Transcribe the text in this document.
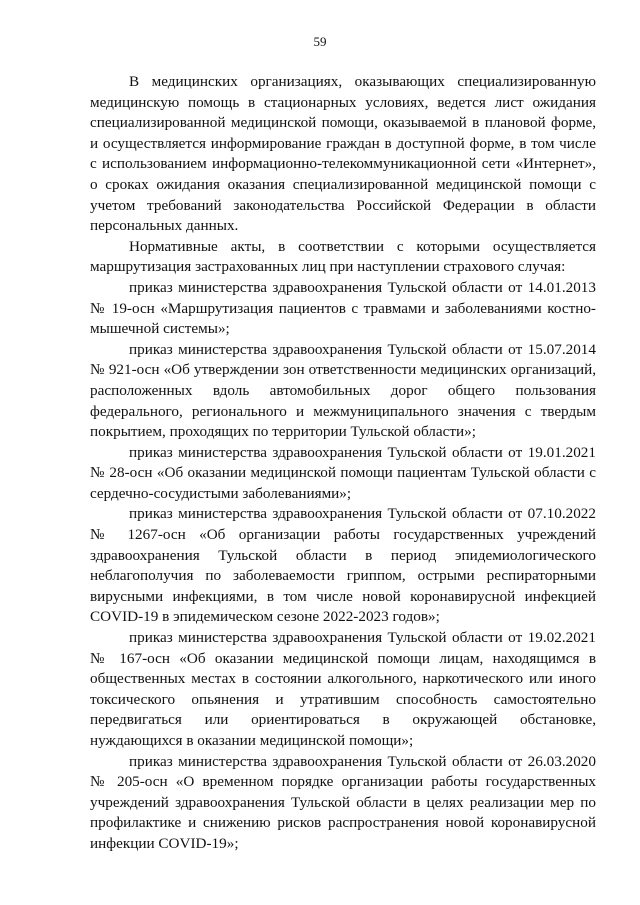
59

В медицинских организациях, оказывающих специализированную медицинскую помощь в стационарных условиях, ведется лист ожидания специализированной медицинской помощи, оказываемой в плановой форме, и осуществляется информирование граждан в доступной форме, в том числе с использованием информационно-телекоммуникационной сети «Интернет», о сроках ожидания оказания специализированной медицинской помощи с учетом требований законодательства Российской Федерации в области персональных данных.

Нормативные акты, в соответствии с которыми осуществляется маршрутизация застрахованных лиц при наступлении страхового случая:

приказ министерства здравоохранения Тульской области от 14.01.2013 № 19-осн «Маршрутизация пациентов с травмами и заболеваниями костно-мышечной системы»;

приказ министерства здравоохранения Тульской области от 15.07.2014 № 921-осн «Об утверждении зон ответственности медицинских организаций, расположенных вдоль автомобильных дорог общего пользования федерального, регионального и межмуниципального значения с твердым покрытием, проходящих по территории Тульской области»;

приказ министерства здравоохранения Тульской области от 19.01.2021 № 28-осн «Об оказании медицинской помощи пациентам Тульской области с сердечно-сосудистыми заболеваниями»;

приказ министерства здравоохранения Тульской области от 07.10.2022 № 1267-осн «Об организации работы государственных учреждений здравоохранения Тульской области в период эпидемиологического неблагополучия по заболеваемости гриппом, острыми респираторными вирусными инфекциями, в том числе новой коронавирусной инфекцией COVID-19 в эпидемическом сезоне 2022-2023 годов»;

приказ министерства здравоохранения Тульской области от 19.02.2021 № 167-осн «Об оказании медицинской помощи лицам, находящимся в общественных местах в состоянии алкогольного, наркотического или иного токсического опьянения и утратившим способность самостоятельно передвигаться или ориентироваться в окружающей обстановке, нуждающихся в оказании медицинской помощи»;

приказ министерства здравоохранения Тульской области от 26.03.2020 № 205-осн «О временном порядке организации работы государственных учреждений здравоохранения Тульской области в целях реализации мер по профилактике и снижению рисков распространения новой коронавирусной инфекции COVID-19»;
